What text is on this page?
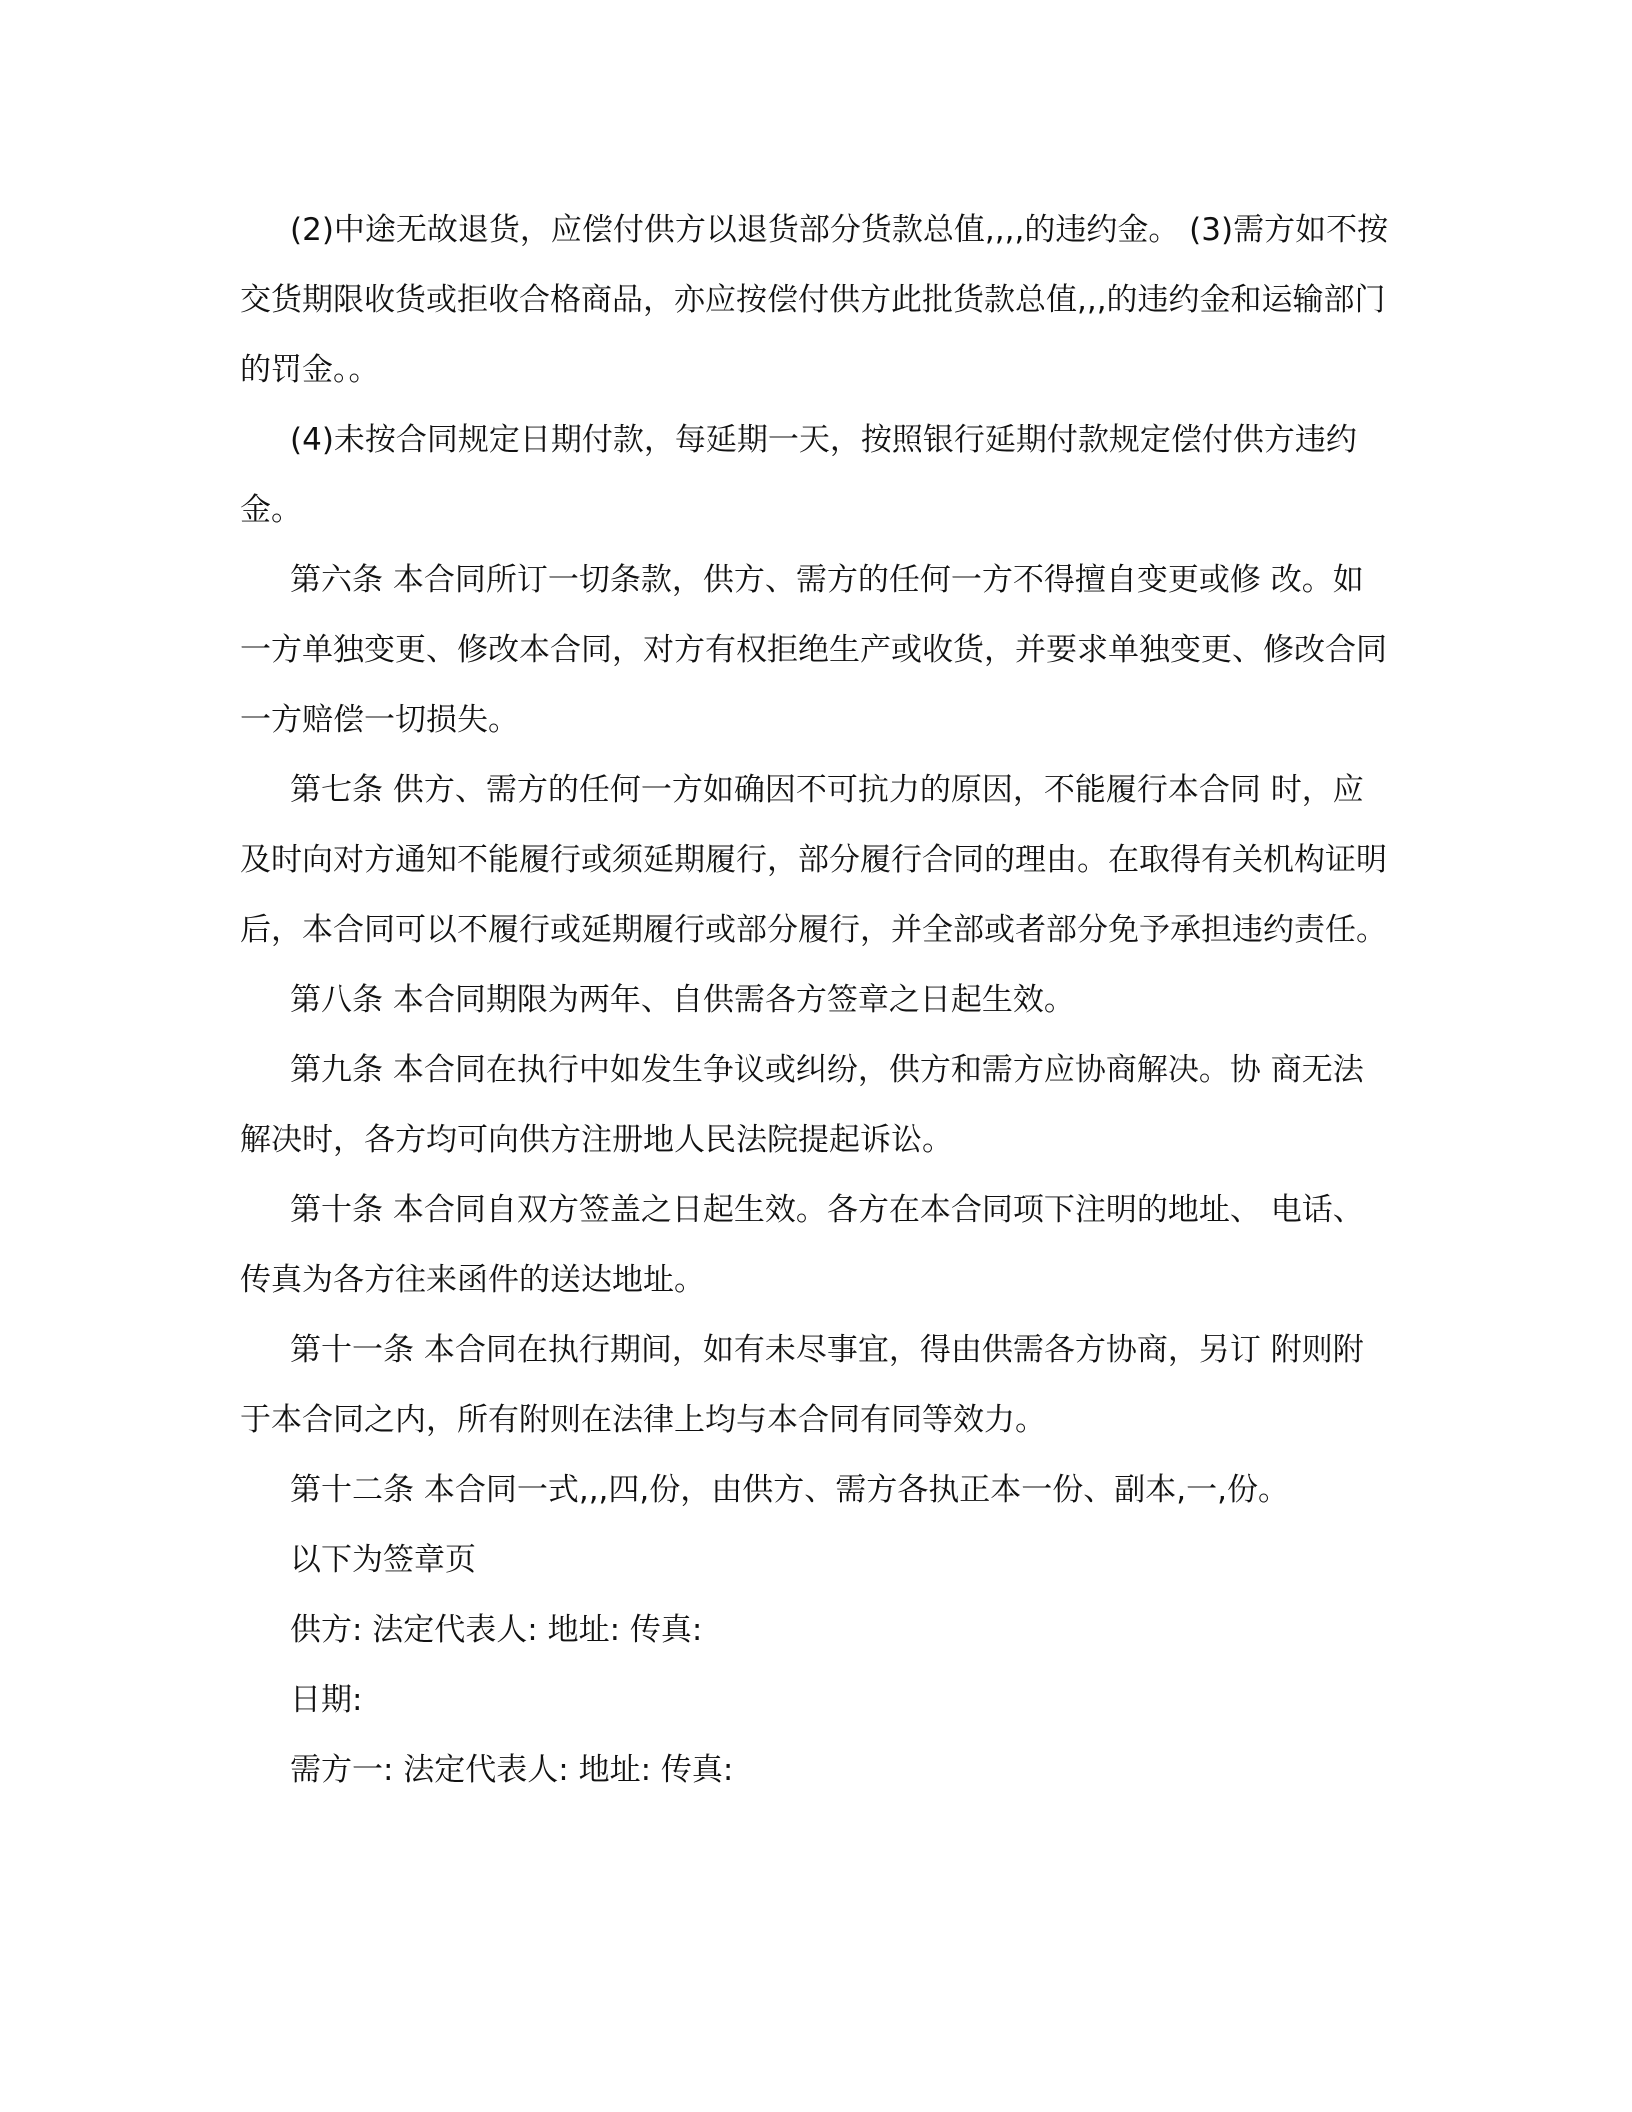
(2)中途无故退货，应偿付供方以退货部分货款总值,,,,的违约金。 (3)需方如不按交货期限收货或拒收合格商品，亦应按偿付供方此批货款总值,,,的违约金和运输部门的罚金。。

(4)未按合同规定日期付款，每延期一天，按照银行延期付款规定偿付供方违约金。

第六条 本合同所订一切条款，供方、需方的任何一方不得擅自变更或修 改。如一方单独变更、修改本合同，对方有权拒绝生产或收货，并要求单独变更、修改合同一方赔偿一切损失。

第七条 供方、需方的任何一方如确因不可抗力的原因，不能履行本合同 时，应及时向对方通知不能履行或须延期履行，部分履行合同的理由。在取得有关机构证明后，本合同可以不履行或延期履行或部分履行，并全部或者部分免予承担违约责任。

第八条 本合同期限为两年、自供需各方签章之日起生效。

第九条 本合同在执行中如发生争议或纠纷，供方和需方应协商解决。协 商无法解决时，各方均可向供方注册地人民法院提起诉讼。

第十条 本合同自双方签盖之日起生效。各方在本合同项下注明的地址、 电话、传真为各方往来函件的送达地址。

第十一条 本合同在执行期间，如有未尽事宜，得由供需各方协商，另订 附则附于本合同之内，所有附则在法律上均与本合同有同等效力。

第十二条 本合同一式,,,四,份，由供方、需方各执正本一份、副本,一,份。

以下为签章页

供方: 法定代表人: 地址: 传真:

日期:

需方一: 法定代表人: 地址: 传真:
